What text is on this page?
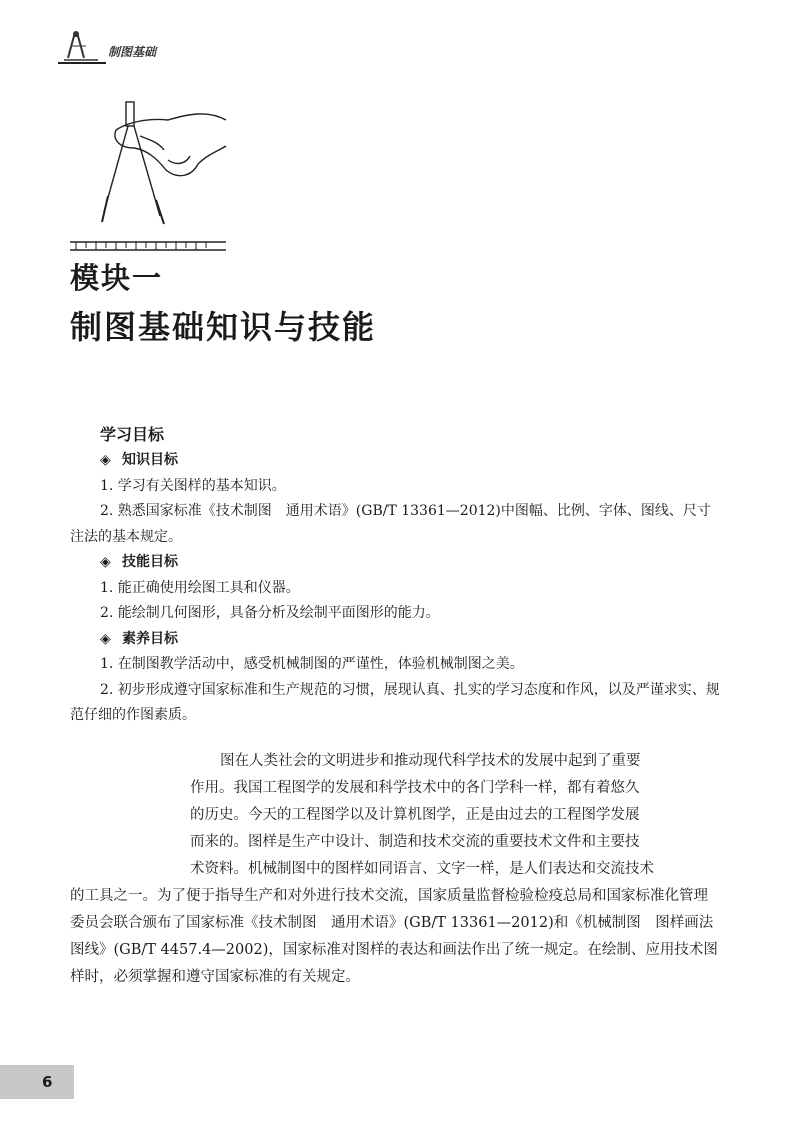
制图基础
模块一
制图基础知识与技能
学习目标
◈ 知识目标

1. 学习有关图样的基本知识。

2. 熟悉国家标准《技术制图　通用术语》(GB/T 13361—2012)中图幅、比例、字体、图线、尺寸注法的基本规定。

◈ 技能目标

1. 能正确使用绘图工具和仪器。

2. 能绘制几何图形，具备分析及绘制平面图形的能力。

◈ 素养目标

1. 在制图教学活动中，感受机械制图的严谨性，体验机械制图之美。

2. 初步形成遵守国家标准和生产规范的习惯，展现认真、扎实的学习态度和作风，以及严谨求实、规范仔细的作图素质。

图在人类社会的文明进步和推动现代科学技术的发展中起到了重要
作用。我国工程图学的发展和科学技术中的各门学科一样，都有着悠久
的历史。今天的工程图学以及计算机图学，正是由过去的工程图学发展
而来的。图样是生产中设计、制造和技术交流的重要技术文件和主要技
术资料。机械制图中的图样如同语言、文字一样，是人们表达和交流技术

的工具之一。为了便于指导生产和对外进行技术交流，国家质量监督检验检疫总局和国家标准化管理委员会联合颁布了国家标准《技术制图　通用术语》(GB/T 13361—2012)和《机械制图　图样画法　图线》(GB/T 4457.4—2002)，国家标准对图样的表达和画法作出了统一规定。在绘制、应用技术图样时，必须掌握和遵守国家标准的有关规定。

6
